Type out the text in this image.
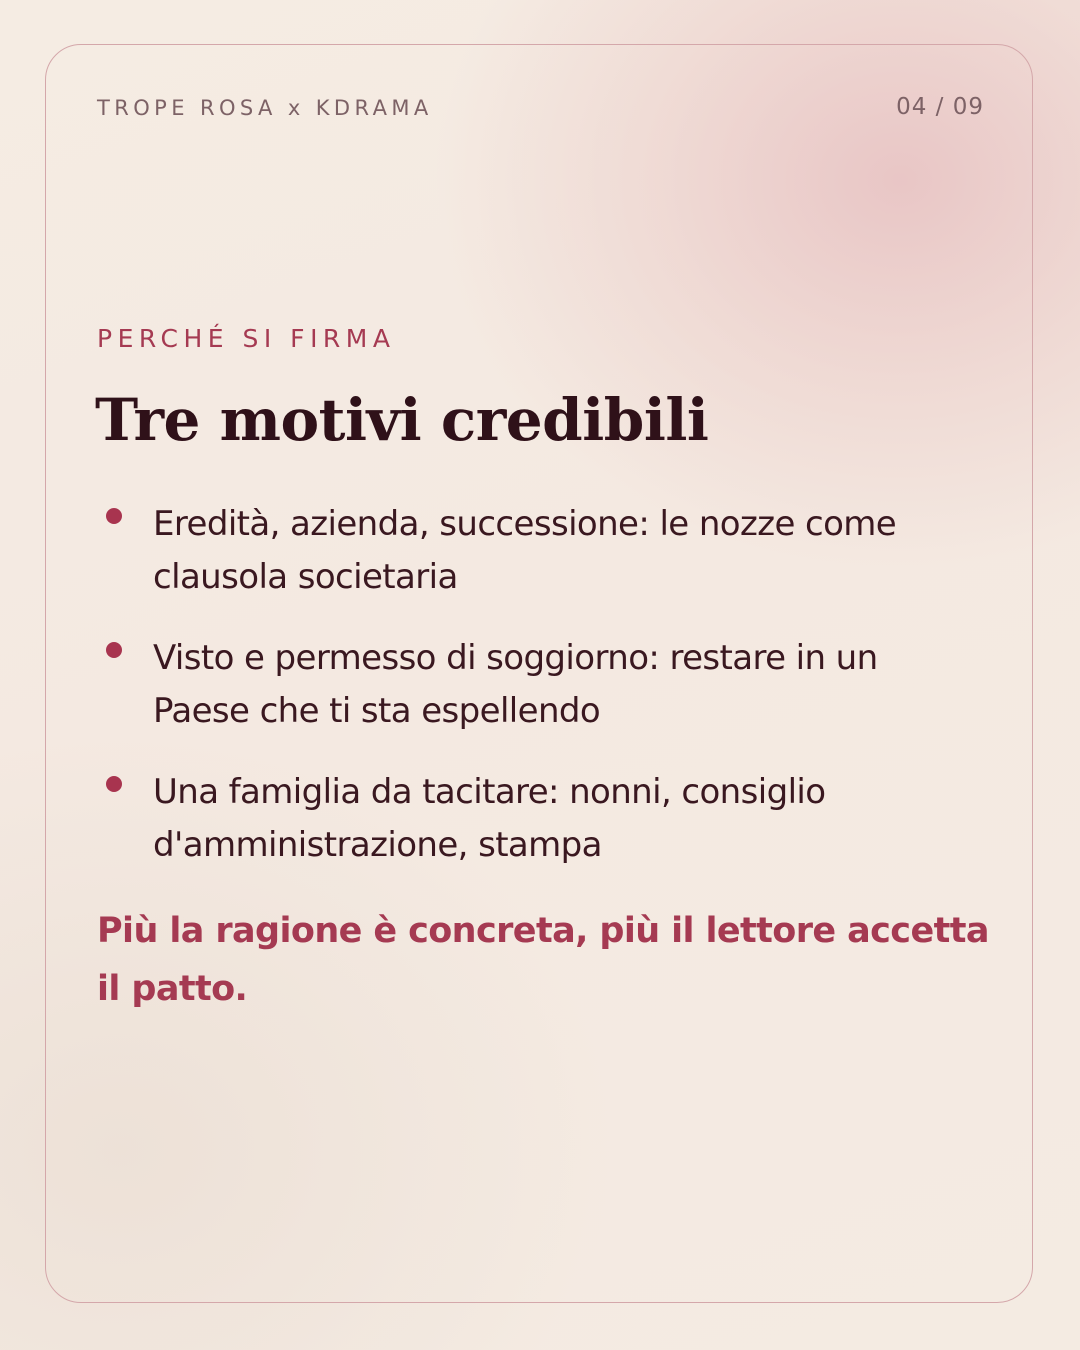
TROPE ROSA x KDRAMA	04 / 09
PERCHÉ SI FIRMA
Tre motivi credibili
Eredità, azienda, successione: le nozze come clausola societaria
Visto e permesso di soggiorno: restare in un Paese che ti sta espellendo
Una famiglia da tacitare: nonni, consiglio d'amministrazione, stampa

Più la ragione è concreta, più il lettore accetta il patto.
